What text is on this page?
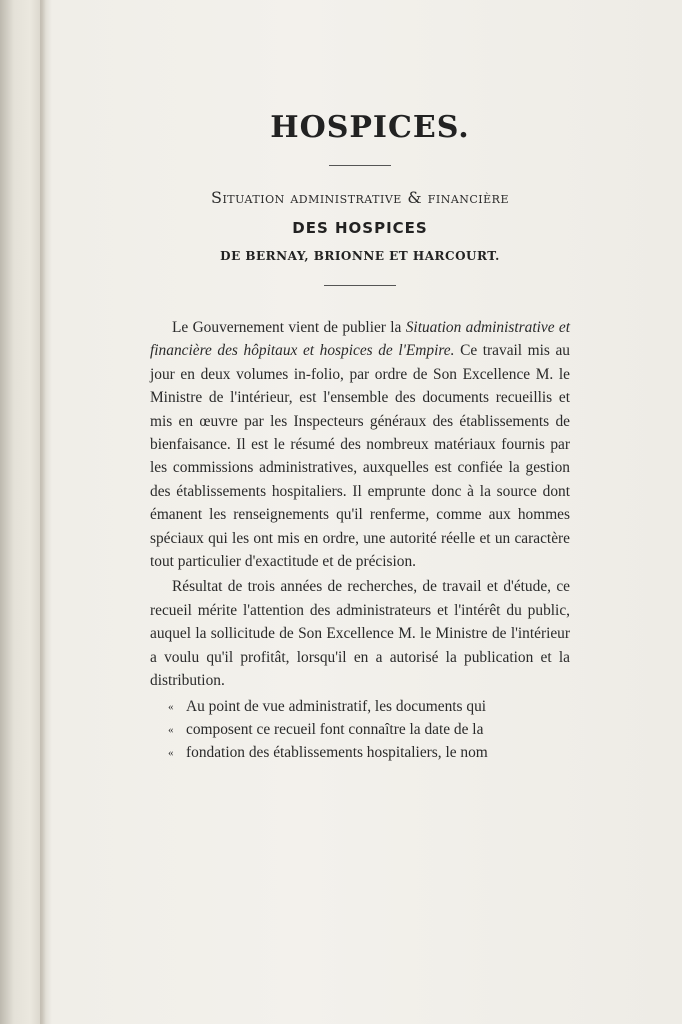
HOSPICES.
Situation administrative & financière
DES HOSPICES
DE BERNAY, BRIONNE ET HARCOURT.

Le Gouvernement vient de publier la Situation administrative et financière des hôpitaux et hospices de l'Empire. Ce travail mis au jour en deux volumes in-folio, par ordre de Son Excellence M. le Ministre de l'intérieur, est l'ensemble des documents recueillis et mis en œuvre par les Inspecteurs généraux des établissements de bienfaisance. Il est le résumé des nombreux matériaux fournis par les commissions administratives, auxquelles est confiée la gestion des établissements hospitaliers. Il emprunte donc à la source dont émanent les renseignements qu'il renferme, comme aux hommes spéciaux qui les ont mis en ordre, une autorité réelle et un caractère tout particulier d'exactitude et de précision.

Résultat de trois années de recherches, de travail et d'étude, ce recueil mérite l'attention des administrateurs et l'intérêt du public, auquel la sollicitude de Son Excellence M. le Ministre de l'intérieur a voulu qu'il profitât, lorsqu'il en a autorisé la publication et la distribution.

« Au point de vue administratif, les documents qui
« composent ce recueil font connaître la date de la
« fondation des établissements hospitaliers, le nom
